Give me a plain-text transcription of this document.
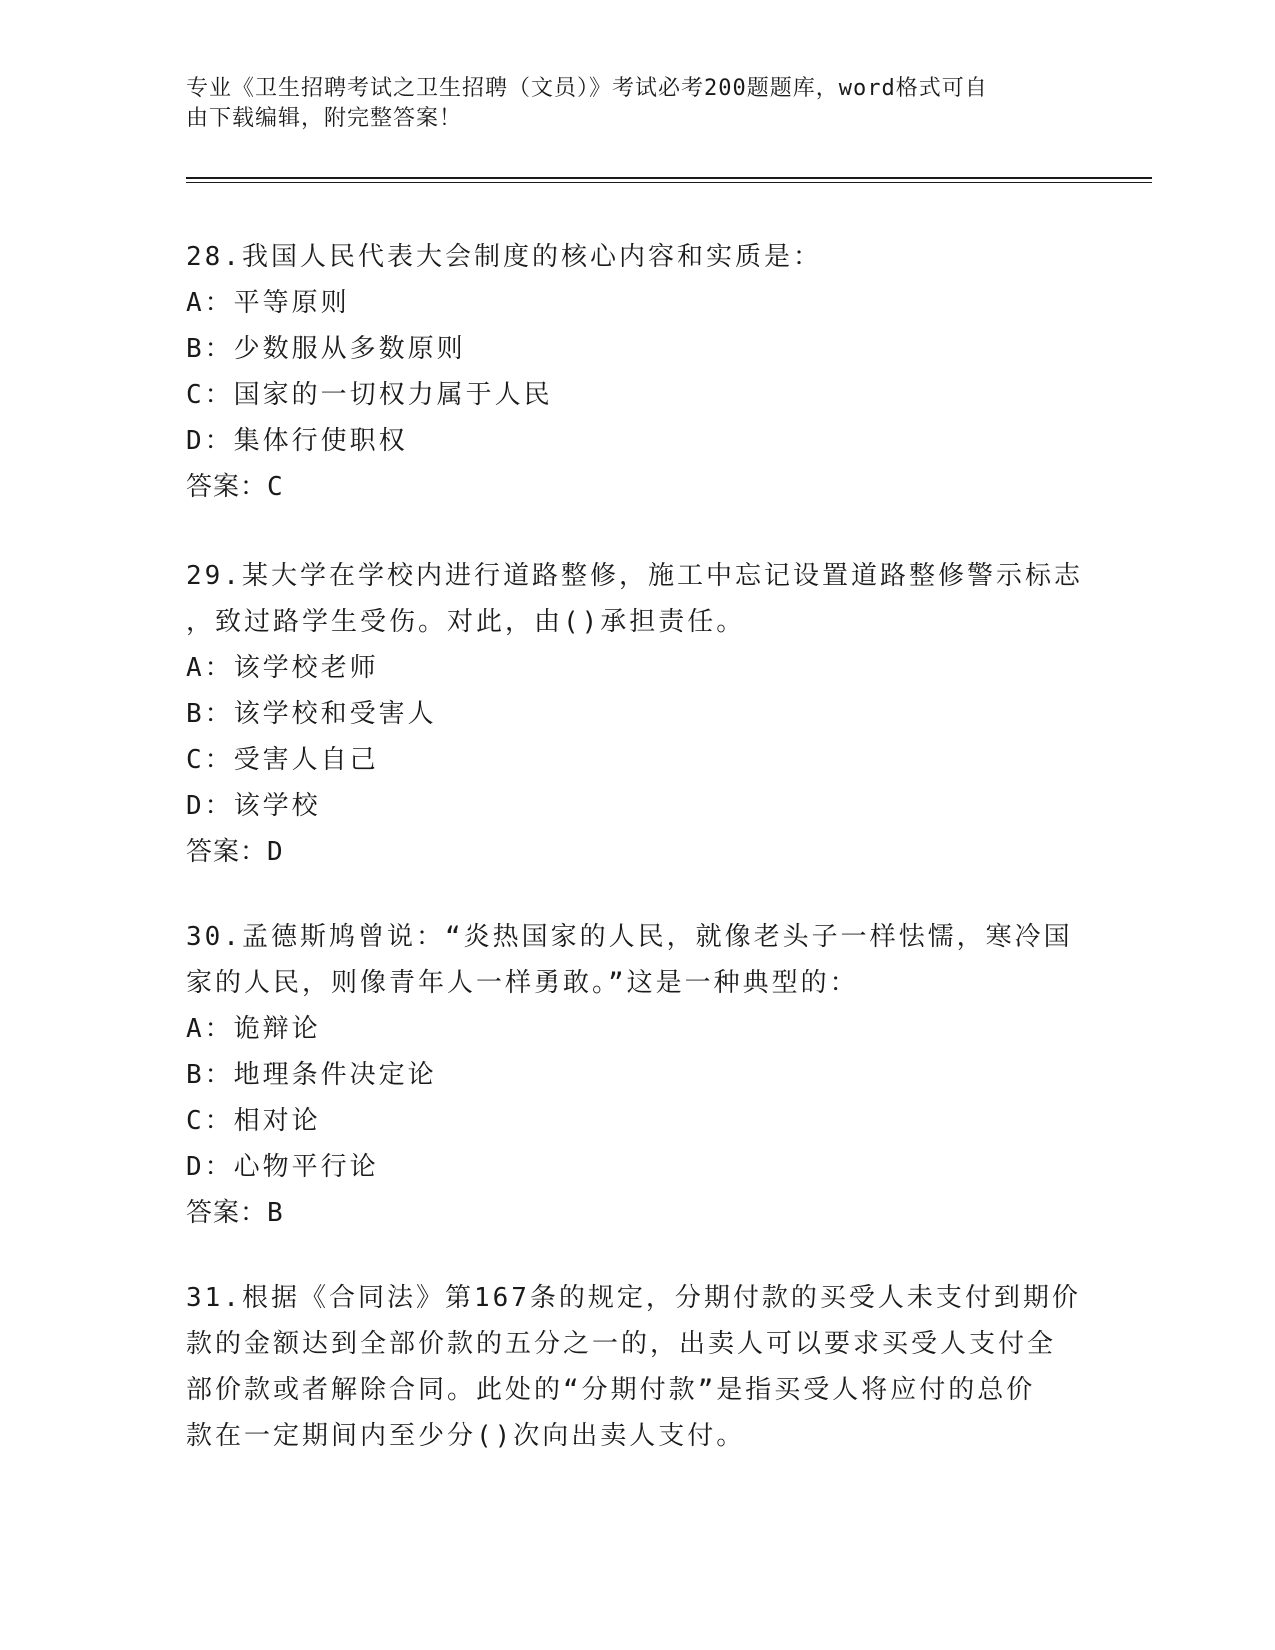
专业《卫生招聘考试之卫生招聘（文员）》考试必考200题题库，word格式可自
由下载编辑，附完整答案！

28.我国人民代表大会制度的核心内容和实质是：

A：平等原则

B：少数服从多数原则

C：国家的一切权力属于人民

D：集体行使职权

答案：C

29.某大学在学校内进行道路整修，施工中忘记设置道路整修警示标志

，致过路学生受伤。对此，由()承担责任。

A：该学校老师

B：该学校和受害人

C：受害人自己

D：该学校

答案：D

30.孟德斯鸠曾说：“炎热国家的人民，就像老头子一样怯懦，寒冷国

家的人民，则像青年人一样勇敢。”这是一种典型的：

A：诡辩论

B：地理条件决定论

C：相对论

D：心物平行论

答案：B

31.根据《合同法》第167条的规定，分期付款的买受人未支付到期价

款的金额达到全部价款的五分之一的，出卖人可以要求买受人支付全

部价款或者解除合同。此处的“分期付款”是指买受人将应付的总价

款在一定期间内至少分()次向出卖人支付。
